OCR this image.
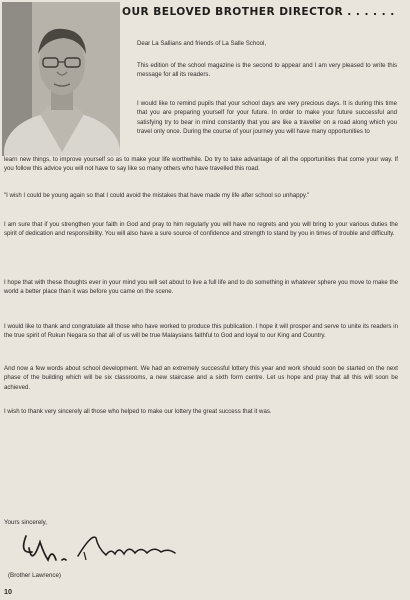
OUR BELOVED BROTHER DIRECTOR . . . . . .

Dear La Sallians and friends of La Salle School,

This edition of the school magazine is the second to appear and I am very pleased to write this message for all its readers.

I would like to remind pupils that your school days are very precious days. It is during this time that you are preparing yourself for your future. In order to make your future successful and satisfying try to bear in mind constantly that you are like a traveller on a road along which you travel only once. During the course of your journey you will have many opportunities to

learn new things, to improve yourself so as to make your life worthwhile. Do try to take advantage of all the opportunities that come your way. If you follow this advice you will not have to say like so many others who have travelled this road.

"I wish I could be young again so that I could avoid the mistakes that have made my life after school so unhappy."

I am sure that if you strengthen your faith in God and pray to him regularly you will have no regrets and you will bring to your various duties the spirit of dedication and responsibility. You will also have a sure source of confidence and strength to stand by you in times of trouble and difficulty.

I hope that with these thoughts ever in your mind you will set about to live a full life and to do something in whatever sphere you move to make the world a better place than it was before you came on the scene.

I would like to thank and congratulate all those who have worked to produce this publication. I hope it will prosper and serve to unite its readers in the true spirit of Rukun Negara so that all of us will be true Malaysians faithful to God and loyal to our King and Country.

And now a few words about school development. We had an extremely successful lottery this year and work should soon be started on the next phase of the building which will be six classrooms, a new staircase and a sixth form centre. Let us hope and pray that all this will soon be achieved.

I wish to thank very sincerely all those who helped to make our lottery the great success that it was.

Yours sincerely,
(Brother Lawrence)
10
